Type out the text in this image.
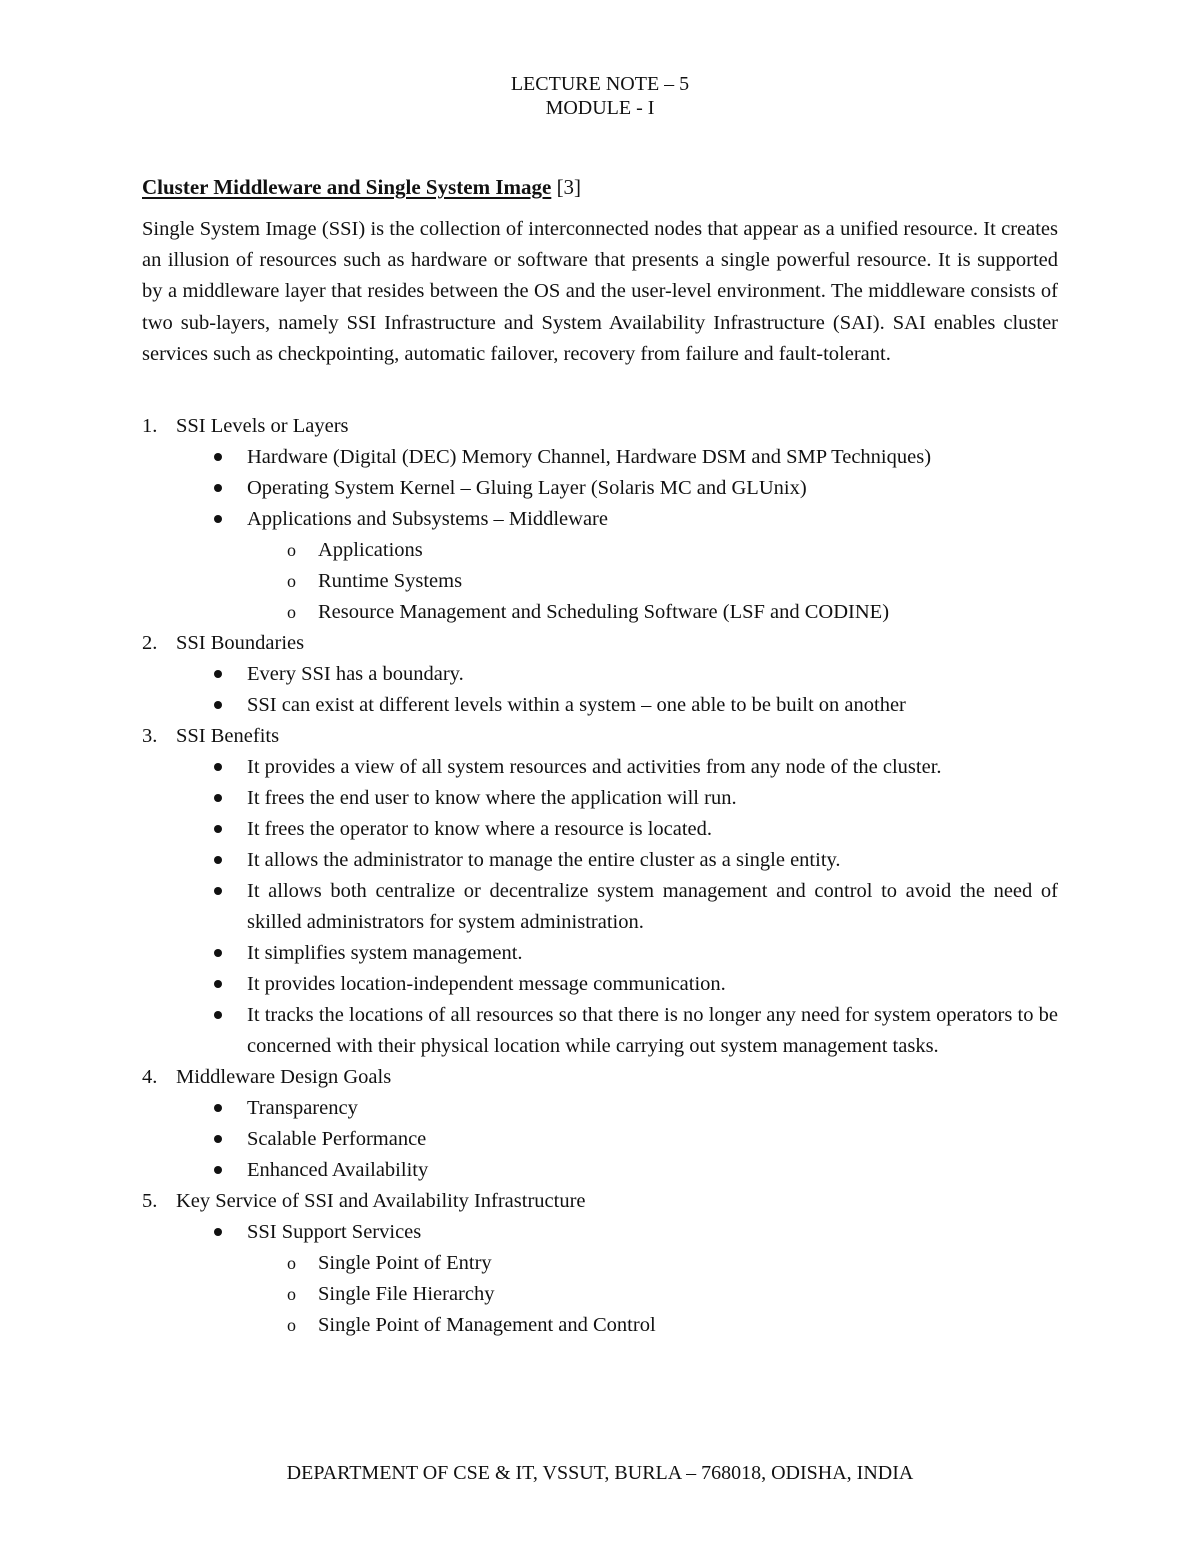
LECTURE NOTE – 5
MODULE - I
Cluster Middleware and Single System Image [3]

Single System Image (SSI) is the collection of interconnected nodes that appear as a unified resource. It creates an illusion of resources such as hardware or software that presents a single powerful resource. It is supported by a middleware layer that resides between the OS and the user-level environment. The middleware consists of two sub-layers, namely SSI Infrastructure and System Availability Infrastructure (SAI). SAI enables cluster services such as checkpointing, automatic failover, recovery from failure and fault-tolerant.

1. SSI Levels or Layers
Hardware (Digital (DEC) Memory Channel, Hardware DSM and SMP Techniques)
Operating System Kernel – Gluing Layer (Solaris MC and GLUnix)
Applications and Subsystems – Middleware
o Applications
o Runtime Systems
o Resource Management and Scheduling Software (LSF and CODINE)
2. SSI Boundaries
Every SSI has a boundary.
SSI can exist at different levels within a system – one able to be built on another
3. SSI Benefits
It provides a view of all system resources and activities from any node of the cluster.
It frees the end user to know where the application will run.
It frees the operator to know where a resource is located.
It allows the administrator to manage the entire cluster as a single entity.
It allows both centralize or decentralize system management and control to avoid the need of skilled administrators for system administration.
It simplifies system management.
It provides location-independent message communication.
It tracks the locations of all resources so that there is no longer any need for system operators to be concerned with their physical location while carrying out system management tasks.
4. Middleware Design Goals
Transparency
Scalable Performance
Enhanced Availability
5. Key Service of SSI and Availability Infrastructure
SSI Support Services
o Single Point of Entry
o Single File Hierarchy
o Single Point of Management and Control
DEPARTMENT OF CSE & IT, VSSUT, BURLA – 768018, ODISHA, INDIA
